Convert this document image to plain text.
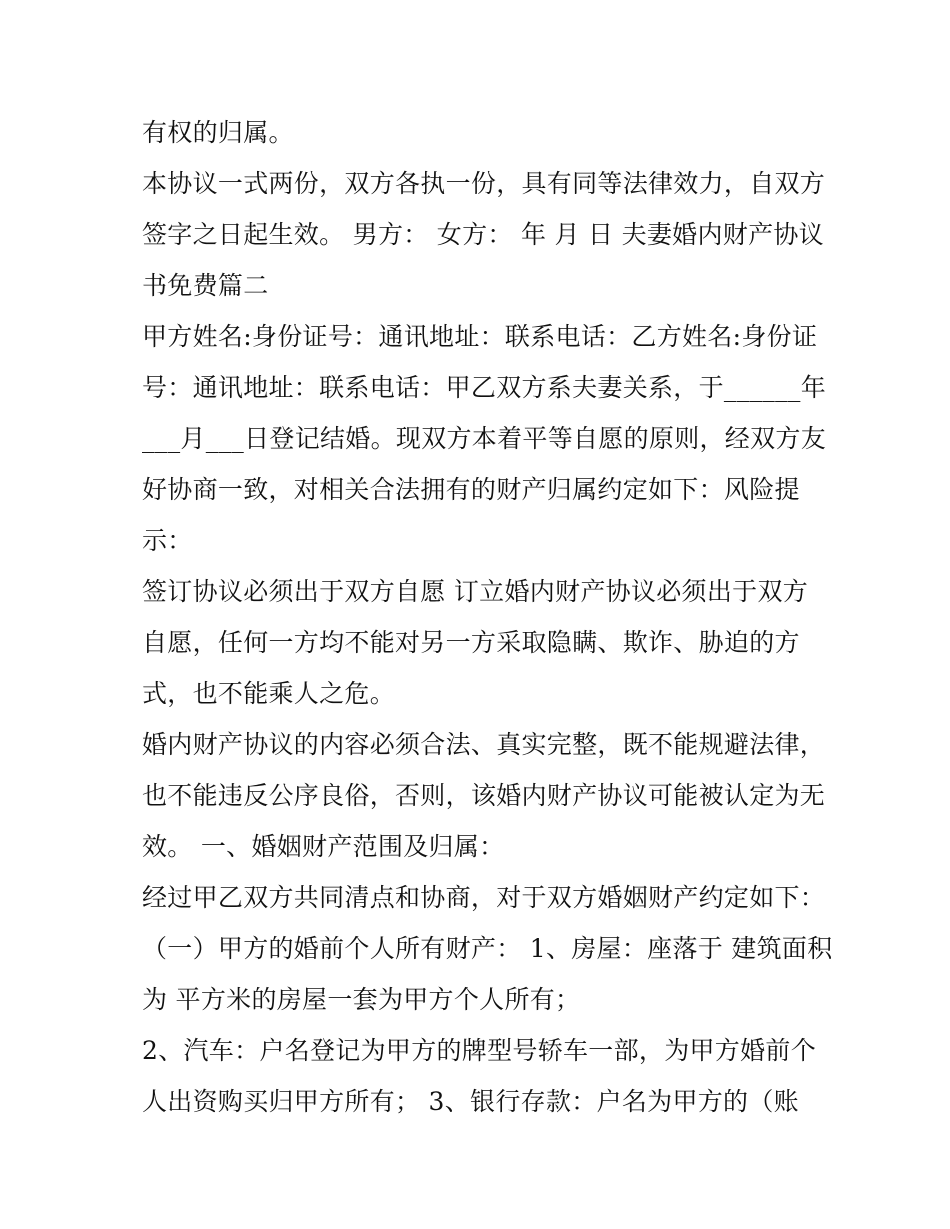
有权的归属。
本协议一式两份，双方各执一份，具有同等法律效力，自双方
签字之日起生效。 男方： 女方： 年 月 日 夫妻婚内财产协议
书免费篇二
甲方姓名:身份证号：通讯地址：联系电话：乙方姓名:身份证
号：通讯地址：联系电话：甲乙双方系夫妻关系，于______年
___月___日登记结婚。现双方本着平等自愿的原则，经双方友
好协商一致，对相关合法拥有的财产归属约定如下：风险提
示：
签订协议必须出于双方自愿 订立婚内财产协议必须出于双方
自愿，任何一方均不能对另一方采取隐瞒、欺诈、胁迫的方
式，也不能乘人之危。
婚内财产协议的内容必须合法、真实完整，既不能规避法律，
也不能违反公序良俗，否则，该婚内财产协议可能被认定为无
效。 一、婚姻财产范围及归属：
经过甲乙双方共同清点和协商，对于双方婚姻财产约定如下：
（一）甲方的婚前个人所有财产： 1、房屋：座落于 建筑面积
为 平方米的房屋一套为甲方个人所有；
2、汽车：户名登记为甲方的牌型号轿车一部，为甲方婚前个
人出资购买归甲方所有； 3、银行存款：户名为甲方的（账
